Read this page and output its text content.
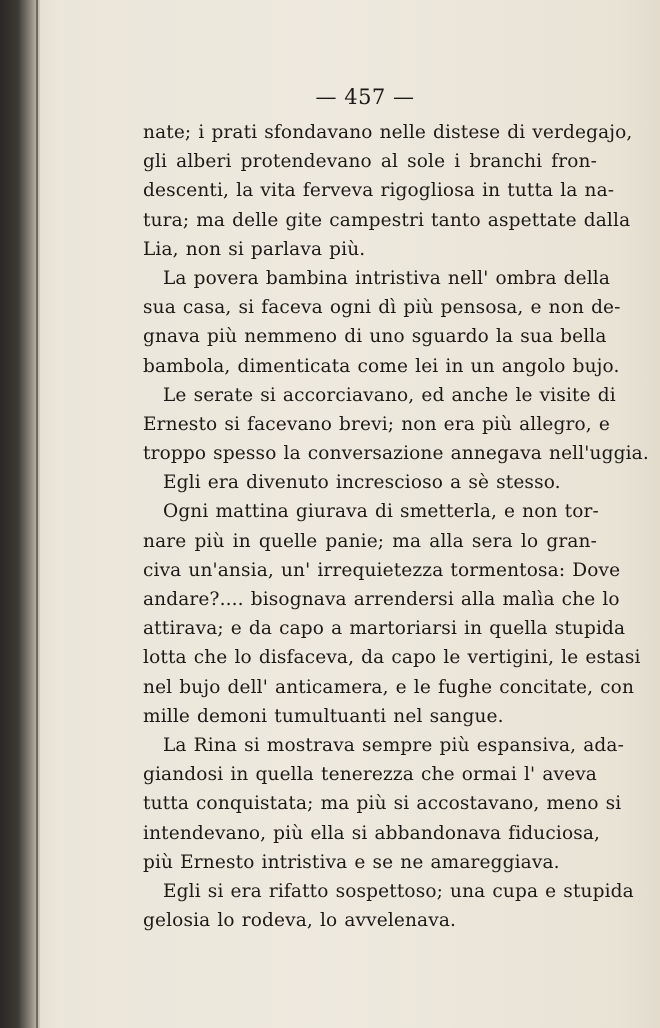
— 457 —
nate; i prati sfondavano nelle distese di verdegajo,
gli alberi protendevano al sole i branchi fron-
descenti, la vita ferveva rigogliosa in tutta la na-
tura; ma delle gite campestri tanto aspettate dalla
Lia, non si parlava più.
La povera bambina intristiva nell' ombra della
sua casa, si faceva ogni dì più pensosa, e non de-
gnava più nemmeno di uno sguardo la sua bella
bambola, dimenticata come lei in un angolo bujo.
Le serate si accorciavano, ed anche le visite di
Ernesto si facevano brevi; non era più allegro, e
troppo spesso la conversazione annegava nell'uggia.
Egli era divenuto increscioso a sè stesso.
Ogni mattina giurava di smetterla, e non tor-
nare più in quelle panie; ma alla sera lo gran-
civa un'ansia, un' irrequietezza tormentosa: Dove
andare?.... bisognava arrendersi alla malìa che lo
attirava; e da capo a martoriarsi in quella stupida
lotta che lo disfaceva, da capo le vertigini, le estasi
nel bujo dell' anticamera, e le fughe concitate, con
mille demoni tumultuanti nel sangue.
La Rina si mostrava sempre più espansiva, ada-
giandosi in quella tenerezza che ormai l' aveva
tutta conquistata; ma più si accostavano, meno si
intendevano, più ella si abbandonava fiduciosa,
più Ernesto intristiva e se ne amareggiava.
Egli si era rifatto sospettoso; una cupa e stupida
gelosia lo rodeva, lo avvelenava.
